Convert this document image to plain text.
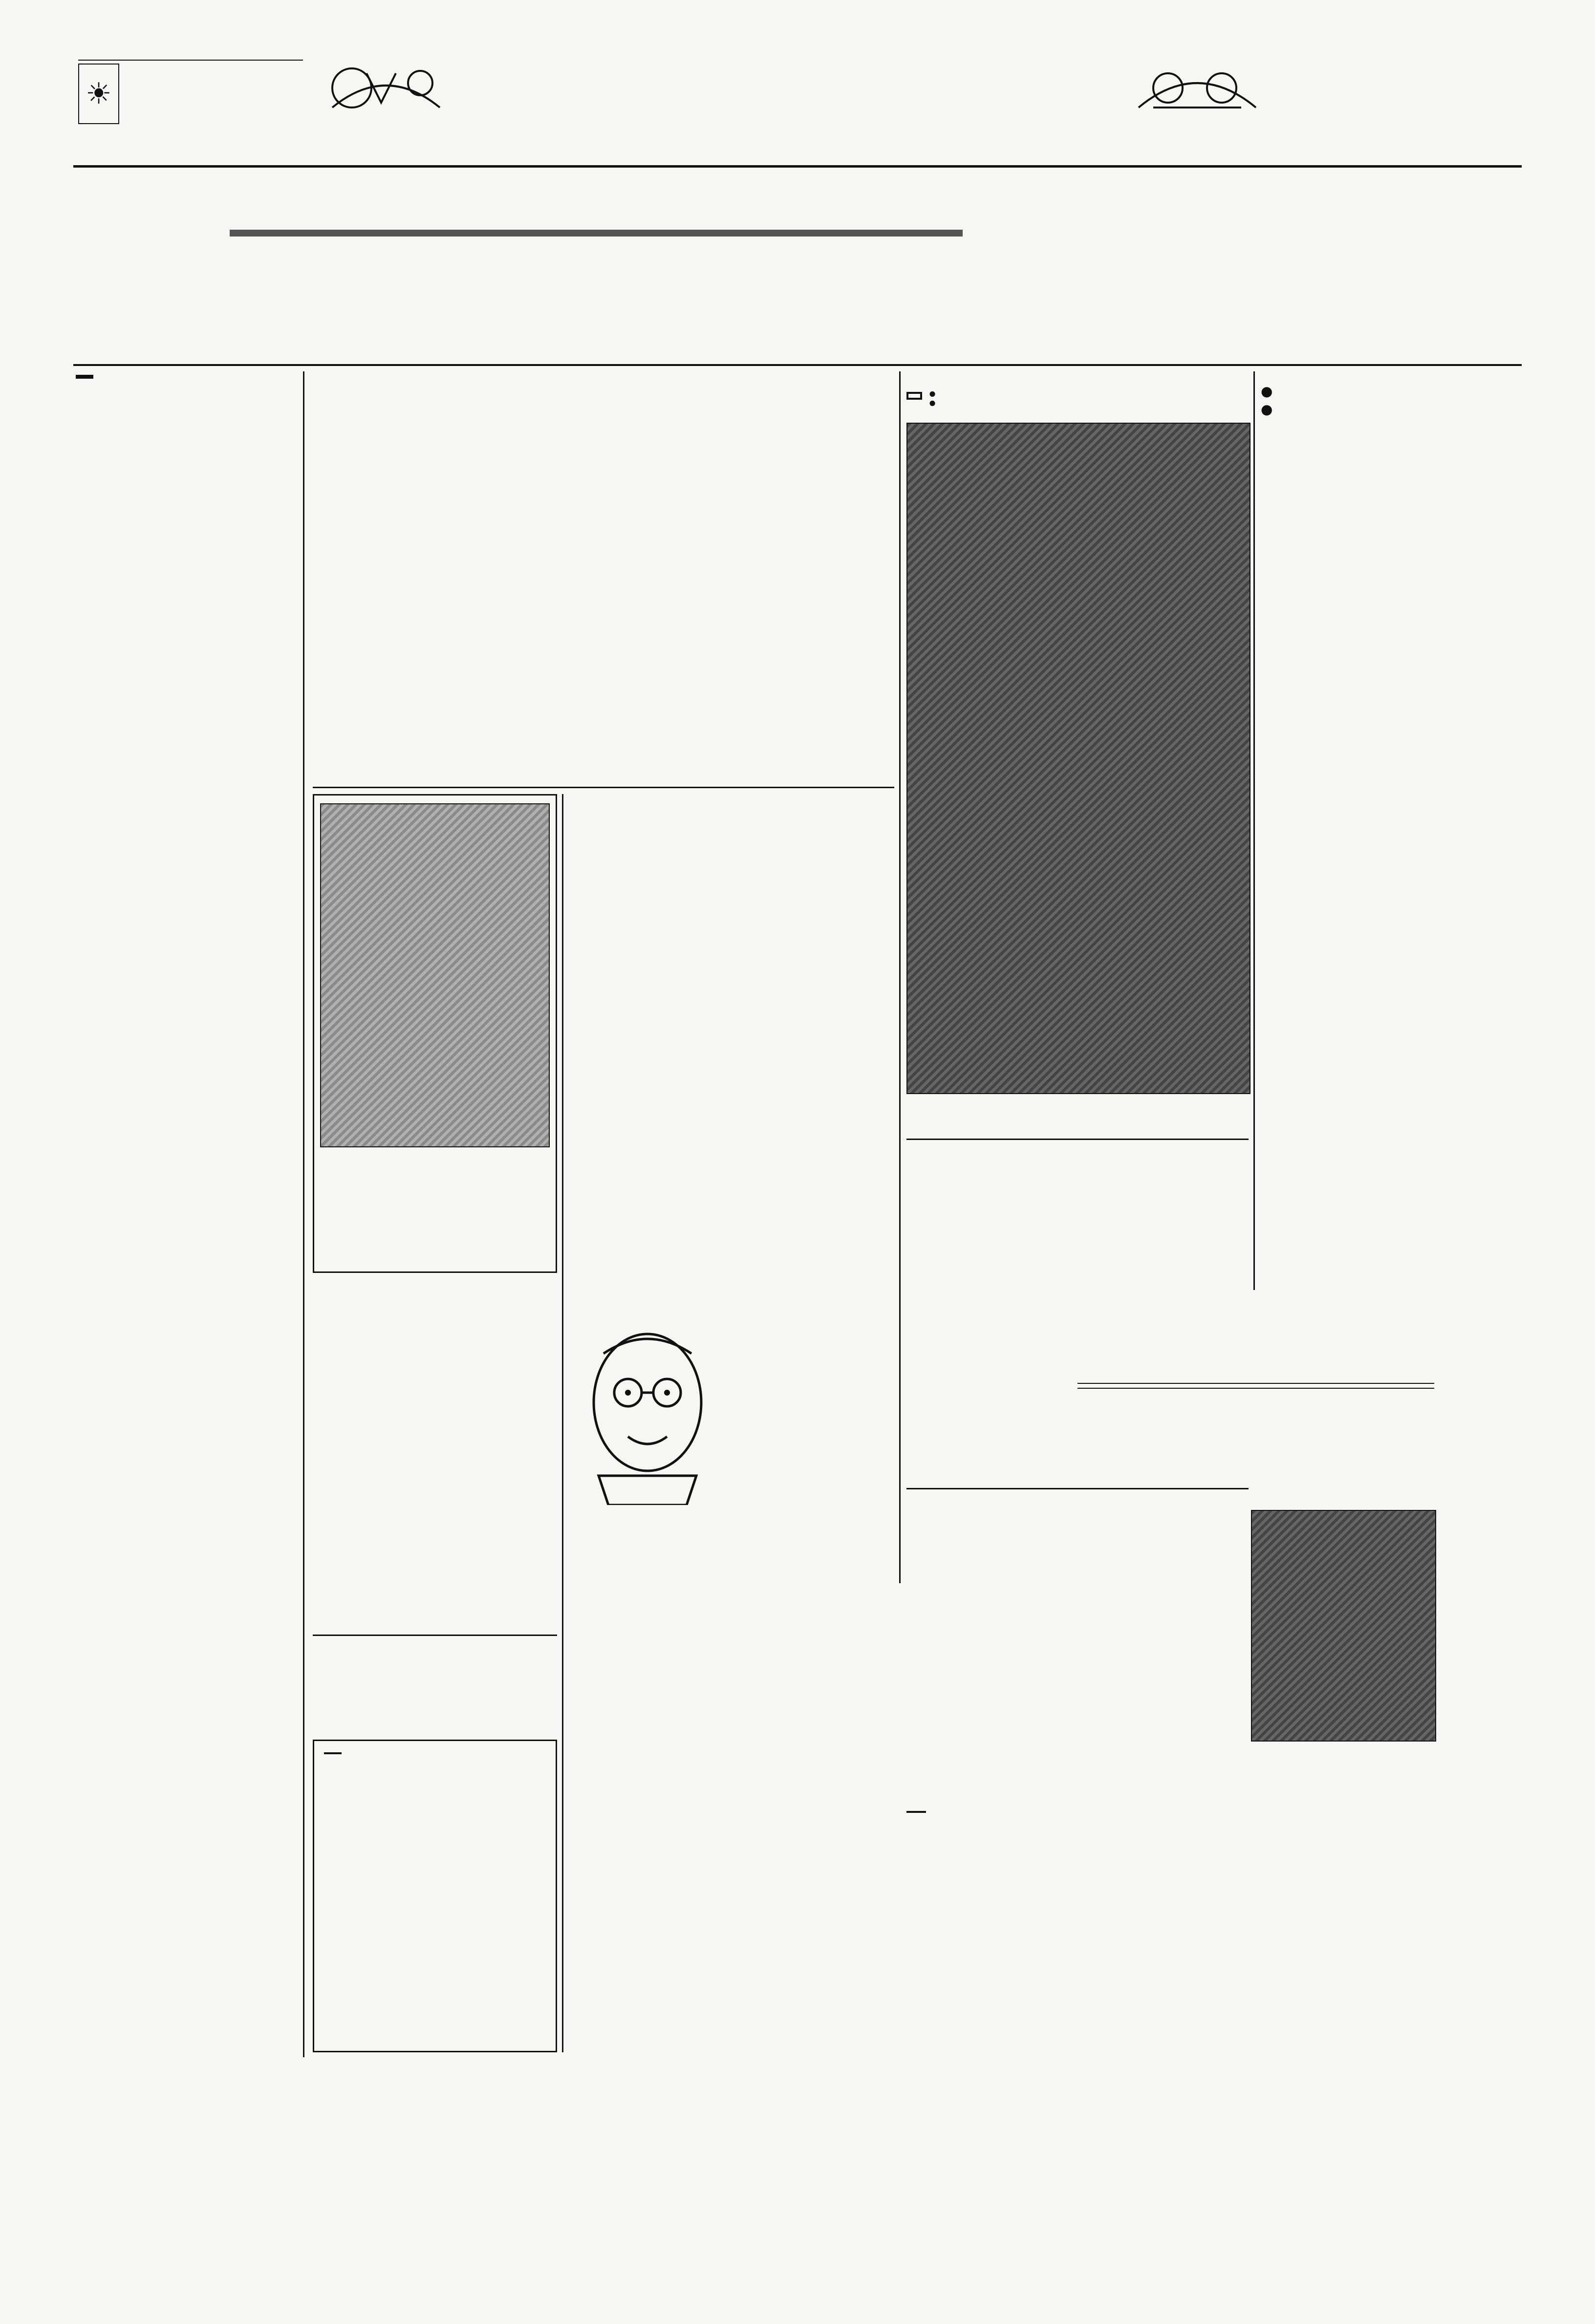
☀
:	●
●
